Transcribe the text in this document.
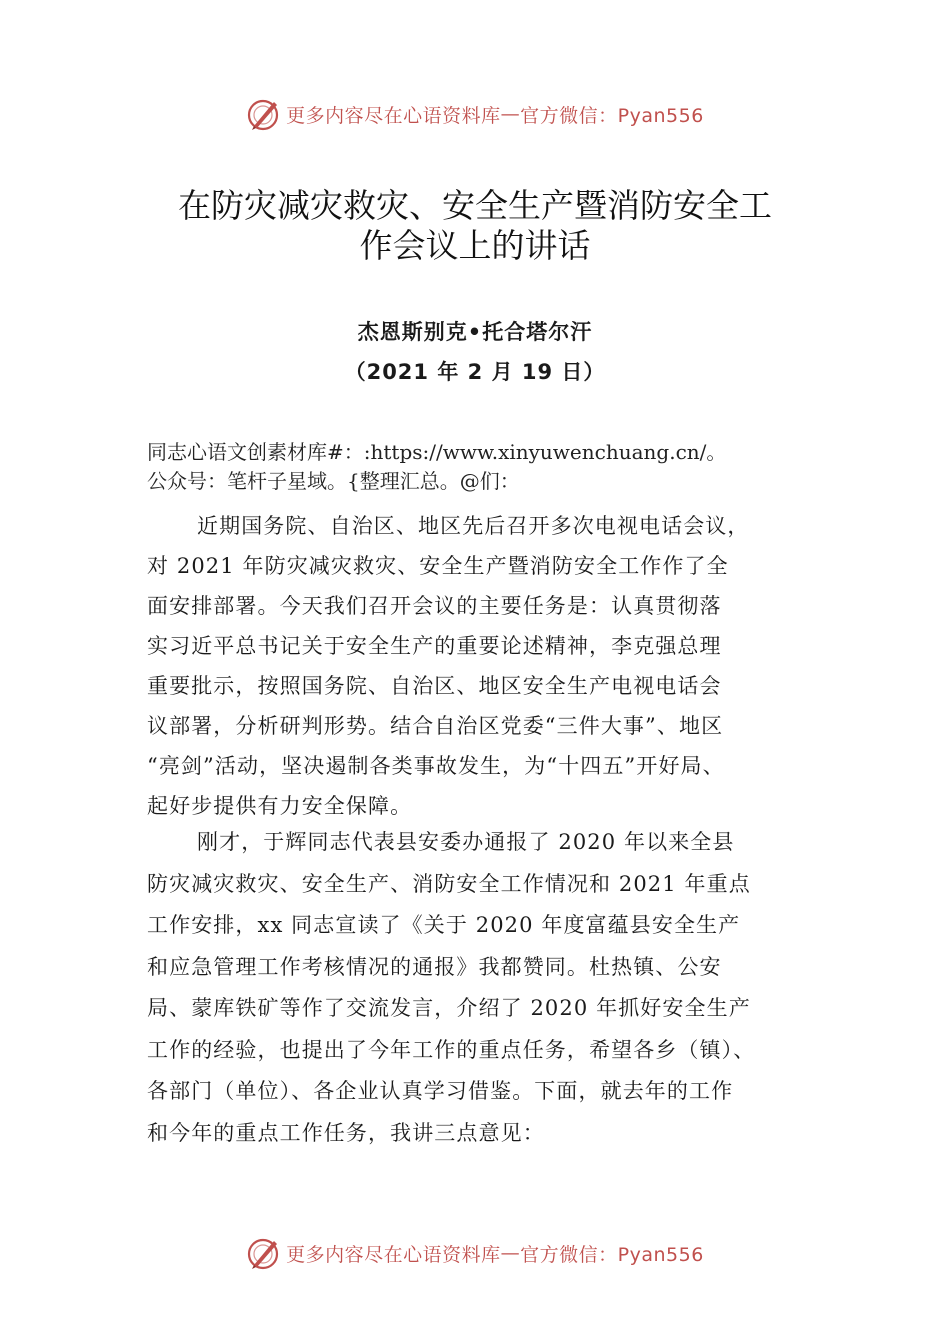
更多内容尽在心语资料库 — 官方微信：Pyan556
在防灾减灾救灾、安全生产暨消防安全工
作会议上的讲话
杰恩斯别克•托合塔尔汗
（2021 年 2 月 19 日）
同志心语文创素材库#：:https://www.xinyuwenchuang.cn/。
公众号：笔杆子星域。{整理汇总。@们：
近期国务院、自治区、地区先后召开多次电视电话会议，
对 2021 年防灾减灾救灾、安全生产暨消防安全工作作了全
面安排部署。今天我们召开会议的主要任务是：认真贯彻落
实习近平总书记关于安全生产的重要论述精神，李克强总理
重要批示，按照国务院、自治区、地区安全生产电视电话会
议部署，分析研判形势。结合自治区党委“三件大事”、地区
“亮剑”活动，坚决遏制各类事故发生，为“十四五”开好局、
起好步提供有力安全保障。
刚才，于辉同志代表县安委办通报了 2020 年以来全县
防灾减灾救灾、安全生产、消防安全工作情况和 2021 年重点
工作安排，xx 同志宣读了《关于 2020 年度富蕴县安全生产
和应急管理工作考核情况的通报》我都赞同。杜热镇、公安
局、蒙库铁矿等作了交流发言，介绍了 2020 年抓好安全生产
工作的经验，也提出了今年工作的重点任务，希望各乡（镇）、
各部门（单位）、各企业认真学习借鉴。下面，就去年的工作
和今年的重点工作任务，我讲三点意见：
更多内容尽在心语资料库 — 官方微信：Pyan556
